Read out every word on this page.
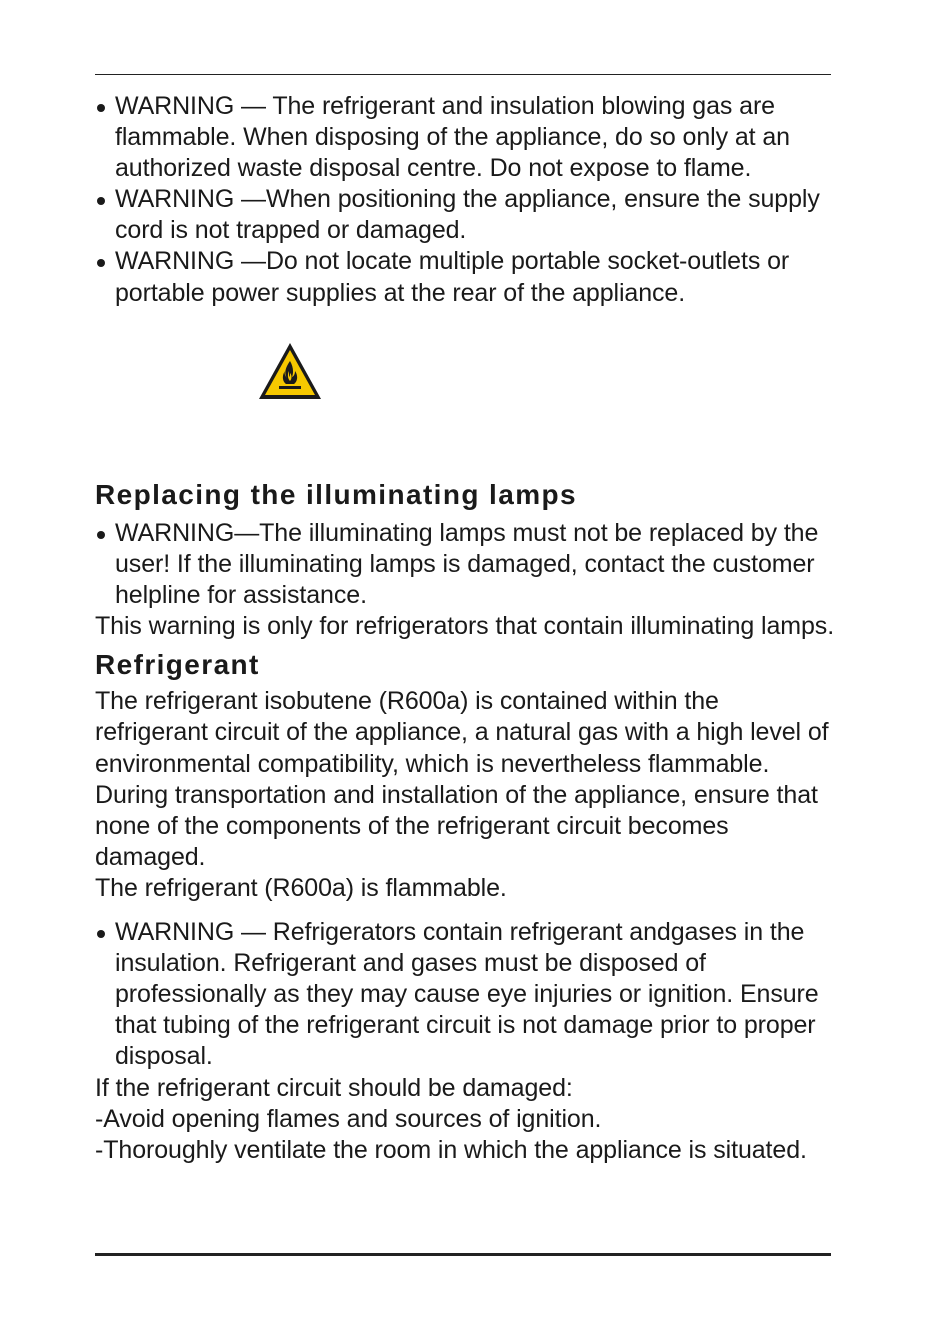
WARNING — The refrigerant and insulation blowing gas are flammable. When disposing of the appliance, do so only at an authorized waste disposal centre. Do not expose to flame.

WARNING —When positioning the appliance, ensure the supply cord is not trapped or damaged.

WARNING —Do not locate multiple portable socket-outlets or portable power supplies at the rear of the appliance.

Replacing the illuminating lamps

WARNING—The illuminating lamps must not be replaced by the user! If the illuminating lamps is damaged, contact the customer helpline for assistance.

This warning is only for refrigerators that contain illuminating lamps.

Refrigerant

The refrigerant isobutene (R600a) is contained within the refrigerant circuit of the appliance, a natural gas with a high level of environmental compatibility, which is nevertheless flammable. During transportation and installation of the appliance, ensure that none of the components of the refrigerant circuit becomes damaged.

The refrigerant (R600a) is flammable.

WARNING — Refrigerators contain refrigerant andgases in the insulation. Refrigerant and gases must be disposed of professionally as they may cause eye injuries or ignition. Ensure that tubing of the refrigerant circuit is not damage prior to proper disposal.

If the refrigerant circuit should be damaged:

-Avoid opening flames and sources of ignition.

-Thoroughly ventilate the room in which the appliance is situated.
